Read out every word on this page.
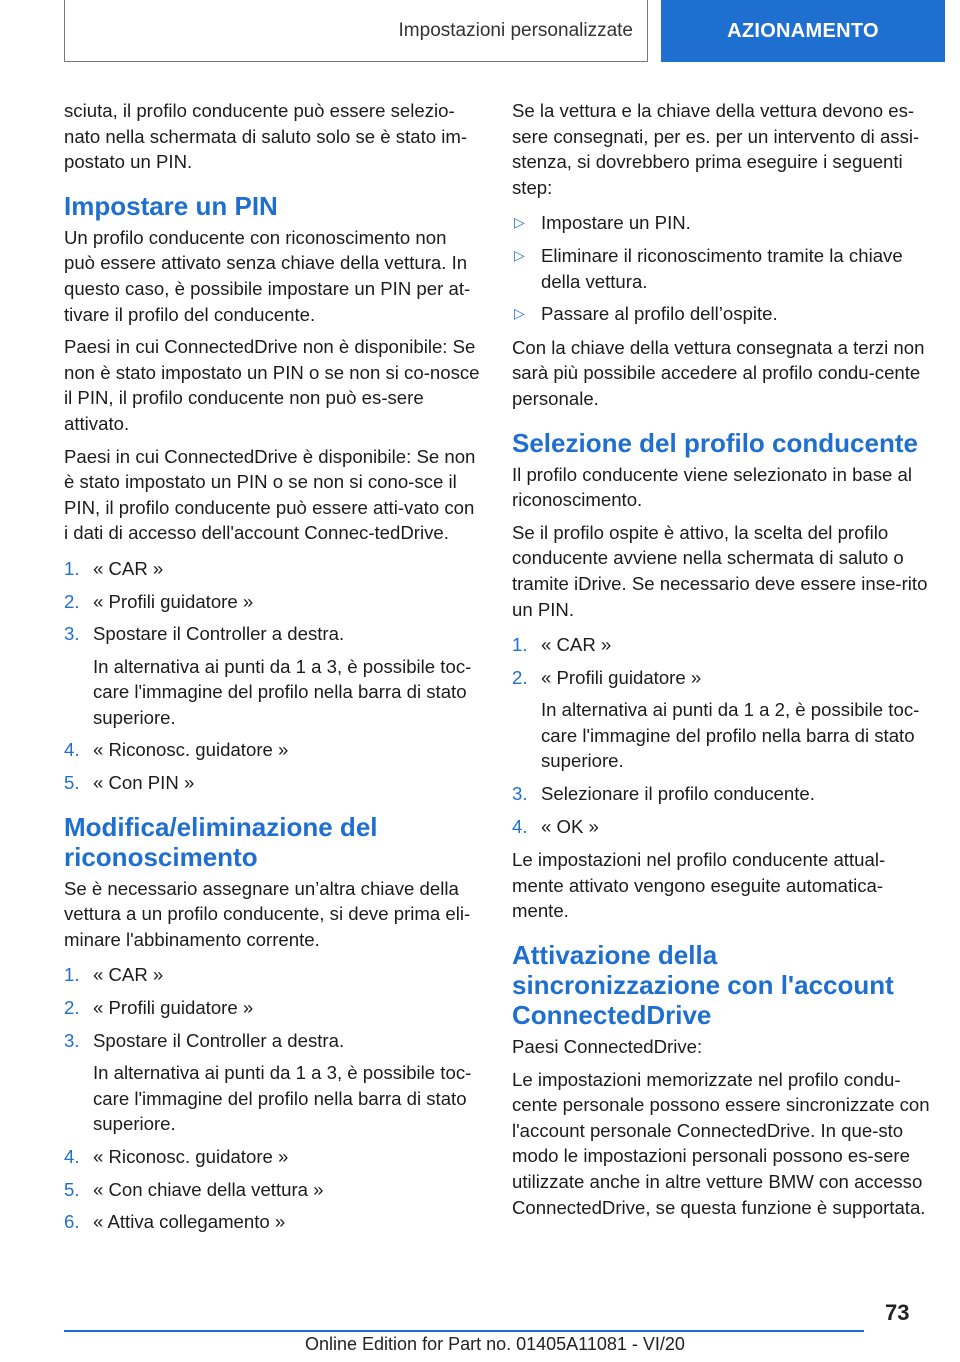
Impostazioni personalizzate	AZIONAMENTO

sciuta, il profilo conducente può essere selezio-nato nella schermata di saluto solo se è stato im-postato un PIN.

Impostare un PIN

Un profilo conducente con riconoscimento non può essere attivato senza chiave della vettura. In questo caso, è possibile impostare un PIN per at-tivare il profilo del conducente.

Paesi in cui ConnectedDrive non è disponibile: Se non è stato impostato un PIN o se non si co-nosce il PIN, il profilo conducente non può es-sere attivato.

Paesi in cui ConnectedDrive è disponibile: Se non è stato impostato un PIN o se non si cono-sce il PIN, il profilo conducente può essere atti-vato con i dati di accesso dell'account Connec-tedDrive.

1. « CAR »
2. « Profili guidatore »
3. Spostare il Controller a destra.
In alternativa ai punti da 1 a 3, è possibile toc-care l'immagine del profilo nella barra di stato superiore.
4. « Riconosc. guidatore »
5. « Con PIN »
Modifica/eliminazione del riconoscimento

Se è necessario assegnare un’altra chiave della vettura a un profilo conducente, si deve prima eli-minare l'abbinamento corrente.

1. « CAR »
2. « Profili guidatore »
3. Spostare il Controller a destra.
In alternativa ai punti da 1 a 3, è possibile toc-care l'immagine del profilo nella barra di stato superiore.
4. « Riconosc. guidatore »
5. « Con chiave della vettura »
6. « Attiva collegamento »

Se la vettura e la chiave della vettura devono es-sere consegnati, per es. per un intervento di assi-stenza, si dovrebbero prima eseguire i seguenti step:

▷ Impostare un PIN.
▷ Eliminare il riconoscimento tramite la chiave della vettura.
▷ Passare al profilo dell’ospite.

Con la chiave della vettura consegnata a terzi non sarà più possibile accedere al profilo condu-cente personale.

Selezione del profilo conducente

Il profilo conducente viene selezionato in base al riconoscimento.

Se il profilo ospite è attivo, la scelta del profilo conducente avviene nella schermata di saluto o tramite iDrive. Se necessario deve essere inse-rito un PIN.

1. « CAR »
2. « Profili guidatore »
In alternativa ai punti da 1 a 2, è possibile toc-care l'immagine del profilo nella barra di stato superiore.
3. Selezionare il profilo conducente.
4. « OK »

Le impostazioni nel profilo conducente attual-mente attivato vengono eseguite automatica-mente.

Attivazione della sincronizzazione con l'account ConnectedDrive

Paesi ConnectedDrive:

Le impostazioni memorizzate nel profilo condu-cente personale possono essere sincronizzate con l'account personale ConnectedDrive. In que-sto modo le impostazioni personali possono es-sere utilizzate anche in altre vetture BMW con accesso ConnectedDrive, se questa funzione è supportata.

73
Online Edition for Part no. 01405A11081 - VI/20
